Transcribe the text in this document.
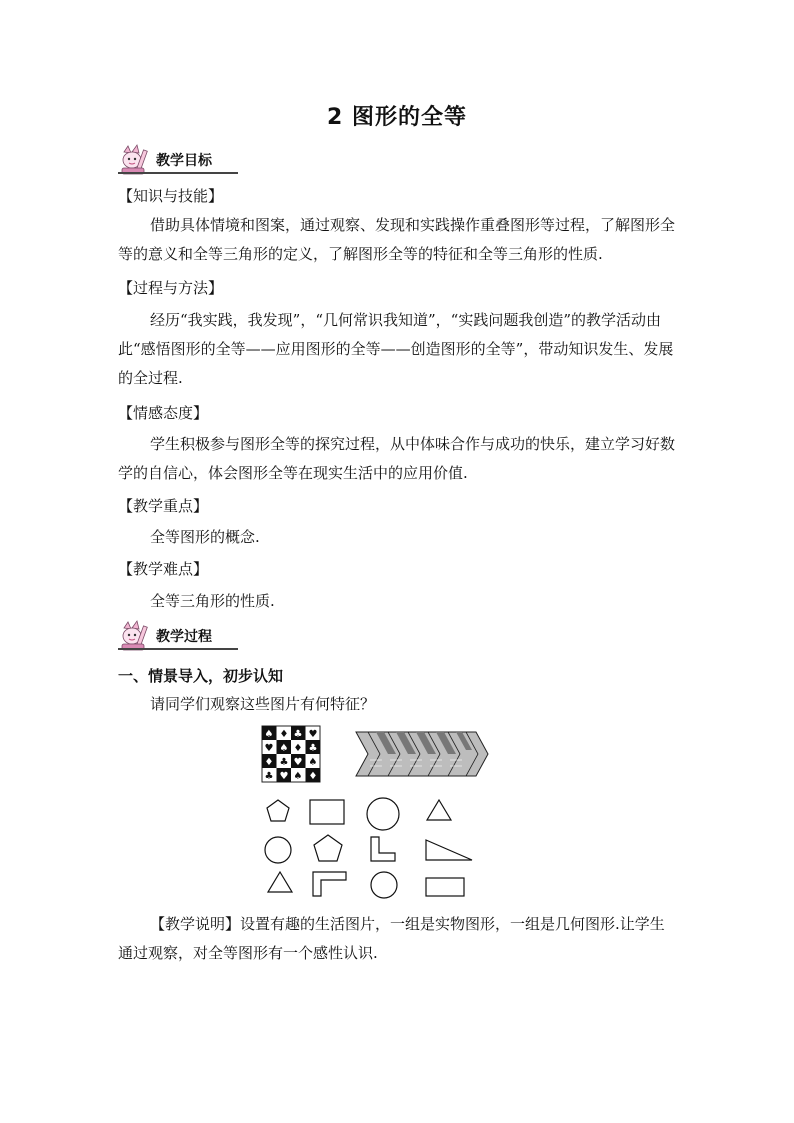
2 图形的全等
教学目标
【知识与技能】

借助具体情境和图案，通过观察、发现和实践操作重叠图形等过程，了解图形全等的意义和全等三角形的定义，了解图形全等的特征和全等三角形的性质.

【过程与方法】

经历“我实践，我发现”，“几何常识我知道”，“实践问题我创造”的教学活动由此“感悟图形的全等——应用图形的全等——创造图形的全等”，带动知识发生、发展的全过程.

【情感态度】

学生积极参与图形全等的探究过程，从中体味合作与成功的快乐，建立学习好数学的自信心，体会图形全等在现实生活中的应用价值.

【教学重点】

全等图形的概念.

【教学难点】

全等三角形的性质.

教学过程
一、情景导入，初步认知
请同学们观察这些图片有何特征？
♠ ♦ ♣ ♥
♥ ♠ ♦ ♣
♦ ♣ ♥ ♠
♣ ♥ ♠ ♦

【教学说明】设置有趣的生活图片，一组是实物图形，一组是几何图形.让学生通过观察，对全等图形有一个感性认识.
